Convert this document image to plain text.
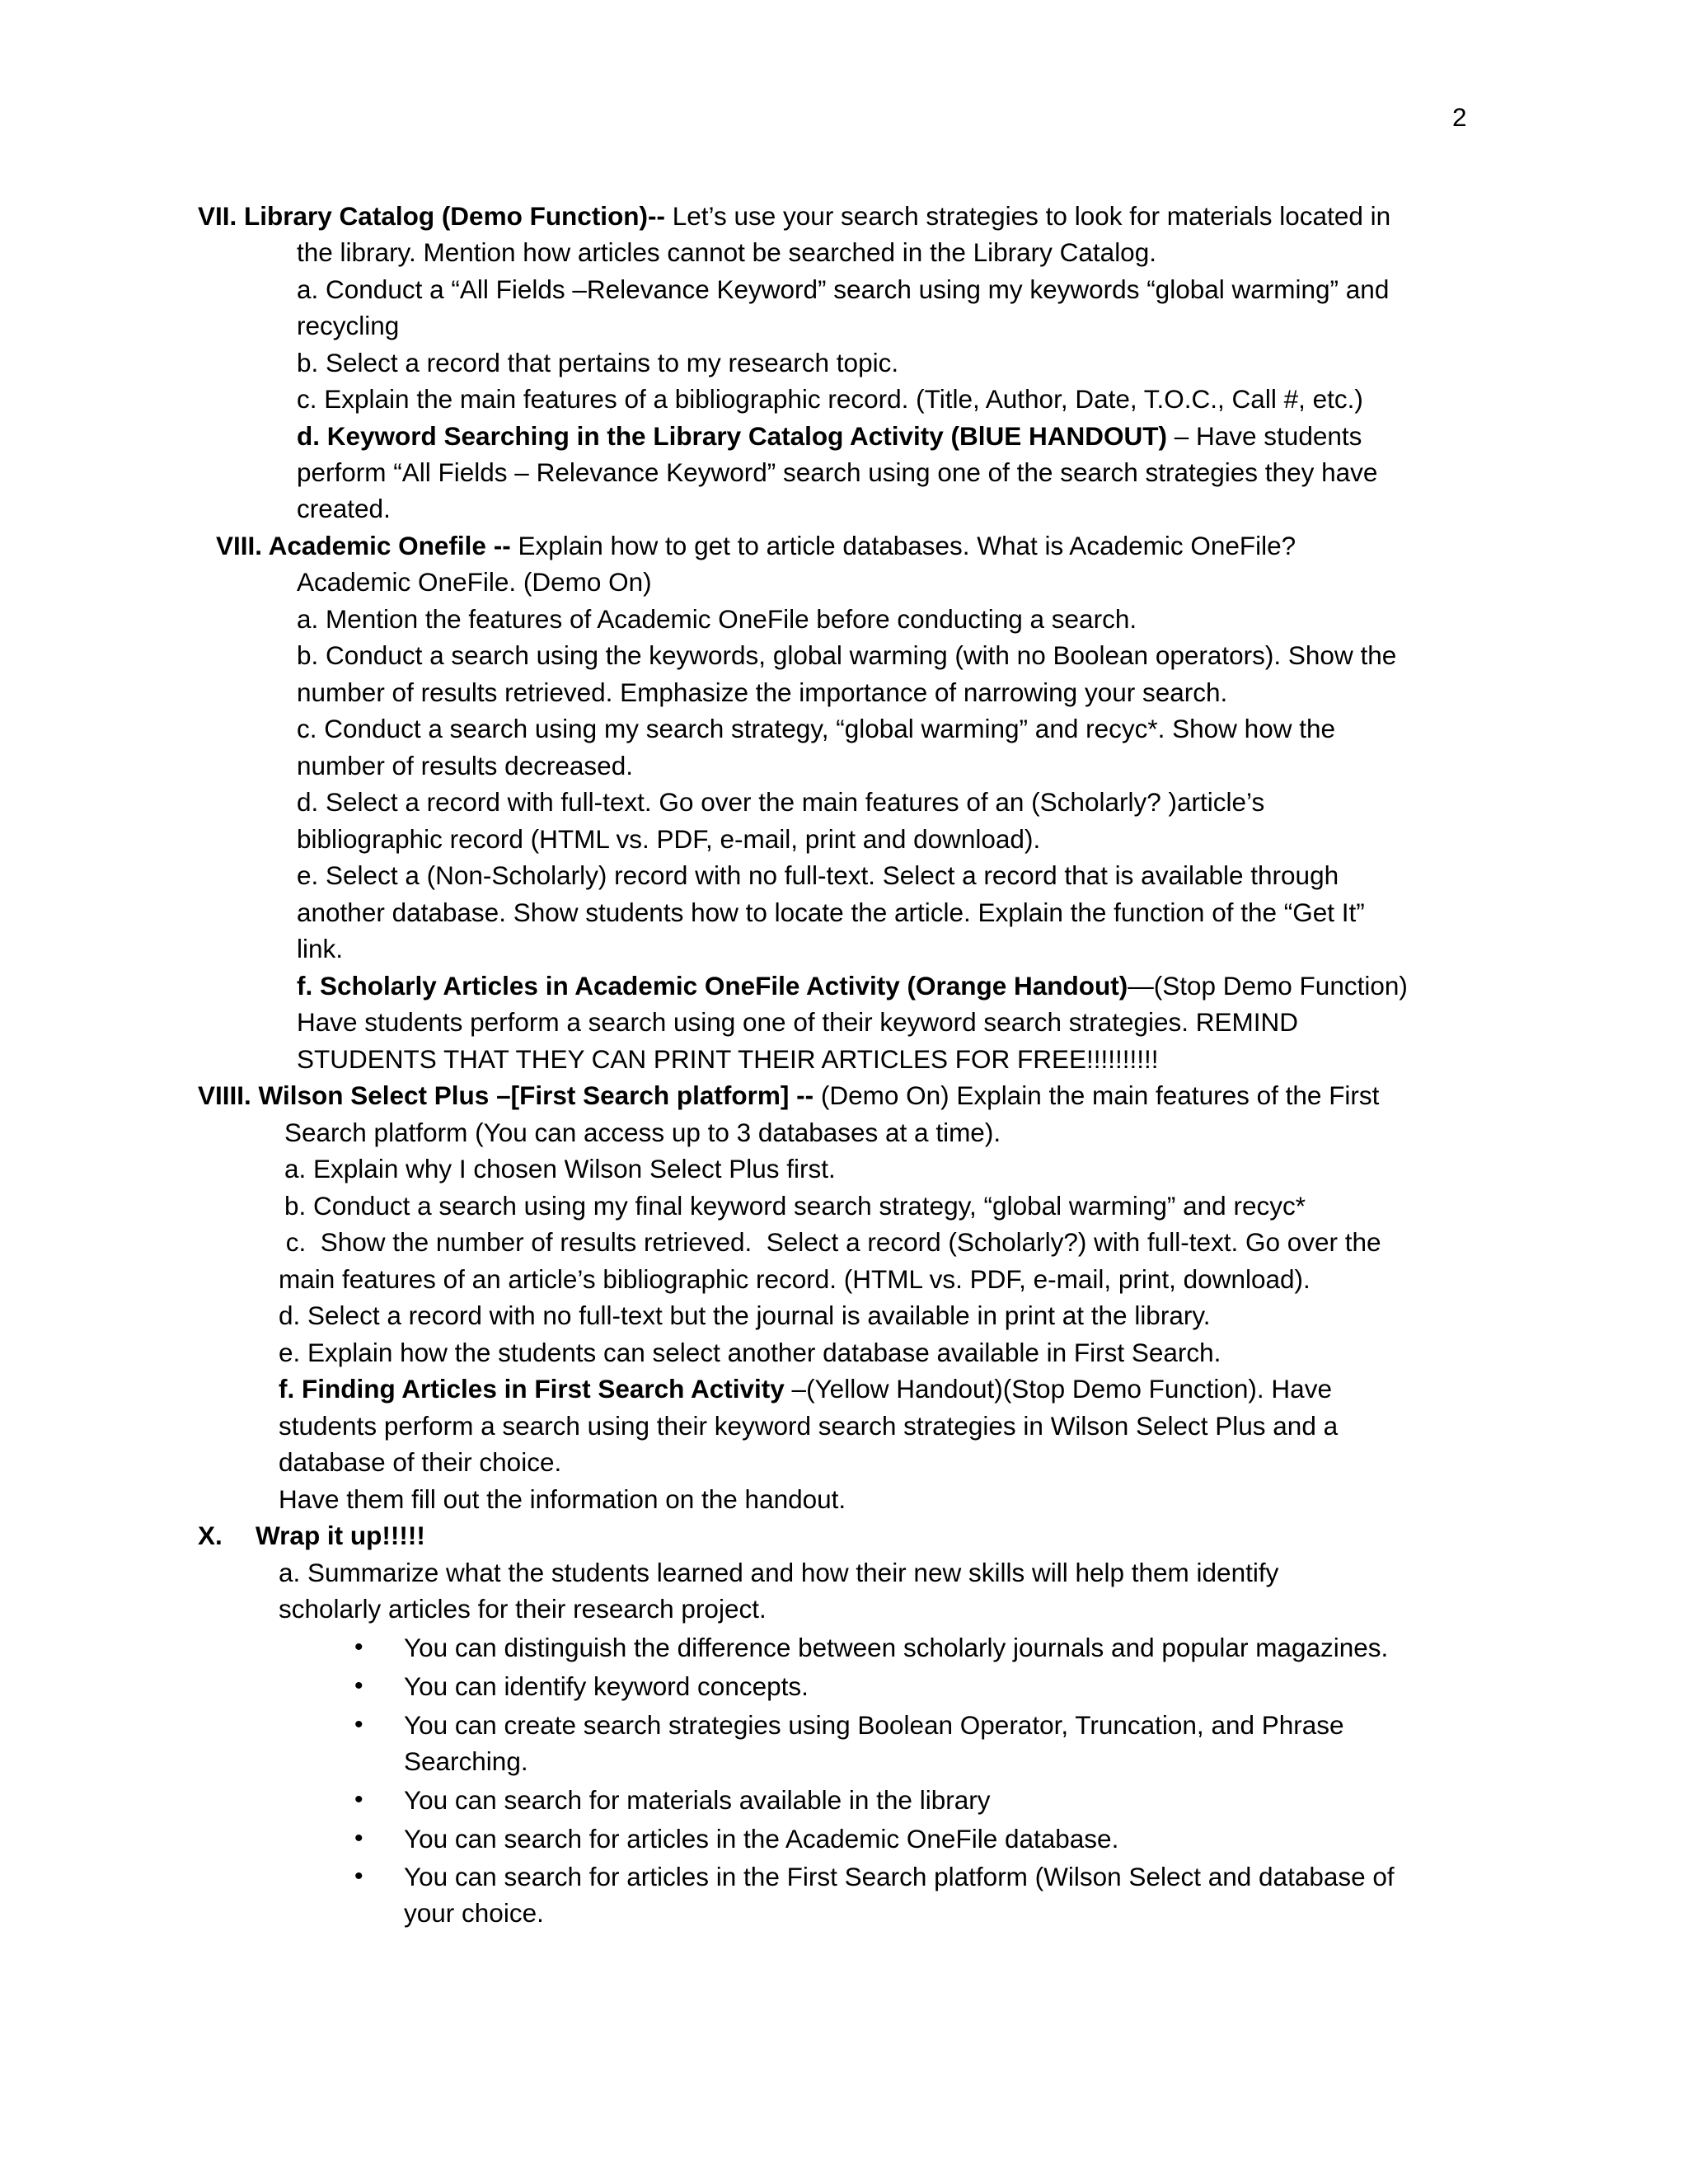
2
VII. Library Catalog (Demo Function)-- Let’s use your search strategies to look for materials located in
the library. Mention how articles cannot be searched in the Library Catalog.
a. Conduct a “All Fields –Relevance Keyword” search using my keywords “global warming” and
recycling
b. Select a record that pertains to my research topic.
c. Explain the main features of a bibliographic record. (Title, Author, Date, T.O.C., Call #, etc.)
d. Keyword Searching in the Library Catalog Activity (BlUE HANDOUT) – Have students
perform “All Fields – Relevance Keyword” search using one of the search strategies they have
created.
VIII. Academic Onefile -- Explain how to get to article databases. What is Academic OneFile?
Academic OneFile. (Demo On)
a. Mention the features of Academic OneFile before conducting a search.
b. Conduct a search using the keywords, global warming (with no Boolean operators). Show the
number of results retrieved. Emphasize the importance of narrowing your search.
c. Conduct a search using my search strategy, “global warming” and recyc*. Show how the
number of results decreased.
d. Select a record with full-text. Go over the main features of an (Scholarly? )article’s
bibliographic record (HTML vs. PDF, e-mail, print and download).
e. Select a (Non-Scholarly) record with no full-text. Select a record that is available through
another database. Show students how to locate the article. Explain the function of the “Get It”
link.
f. Scholarly Articles in Academic OneFile Activity (Orange Handout)—(Stop Demo Function)
Have students perform a search using one of their keyword search strategies. REMIND
STUDENTS THAT THEY CAN PRINT THEIR ARTICLES FOR FREE!!!!!!!!!!
VIIII. Wilson Select Plus –[First Search platform] -- (Demo On) Explain the main features of the First
Search platform (You can access up to 3 databases at a time).
a. Explain why I chosen Wilson Select Plus first.
b. Conduct a search using my final keyword search strategy, “global warming” and recyc*
c.  Show the number of results retrieved.  Select a record (Scholarly?) with full-text. Go over the
main features of an article’s bibliographic record. (HTML vs. PDF, e-mail, print, download).
d. Select a record with no full-text but the journal is available in print at the library.
e. Explain how the students can select another database available in First Search.
f. Finding Articles in First Search Activity –(Yellow Handout)(Stop Demo Function). Have
students perform a search using their keyword search strategies in Wilson Select Plus and a
database of their choice.
Have them fill out the information on the handout.
X. Wrap it up!!!!!
a. Summarize what the students learned and how their new skills will help them identify
scholarly articles for their research project.
• You can distinguish the difference between scholarly journals and popular magazines.
• You can identify keyword concepts.
• You can create search strategies using Boolean Operator, Truncation, and Phrase
Searching.
• You can search for materials available in the library
• You can search for articles in the Academic OneFile database.
• You can search for articles in the First Search platform (Wilson Select and database of
your choice.
